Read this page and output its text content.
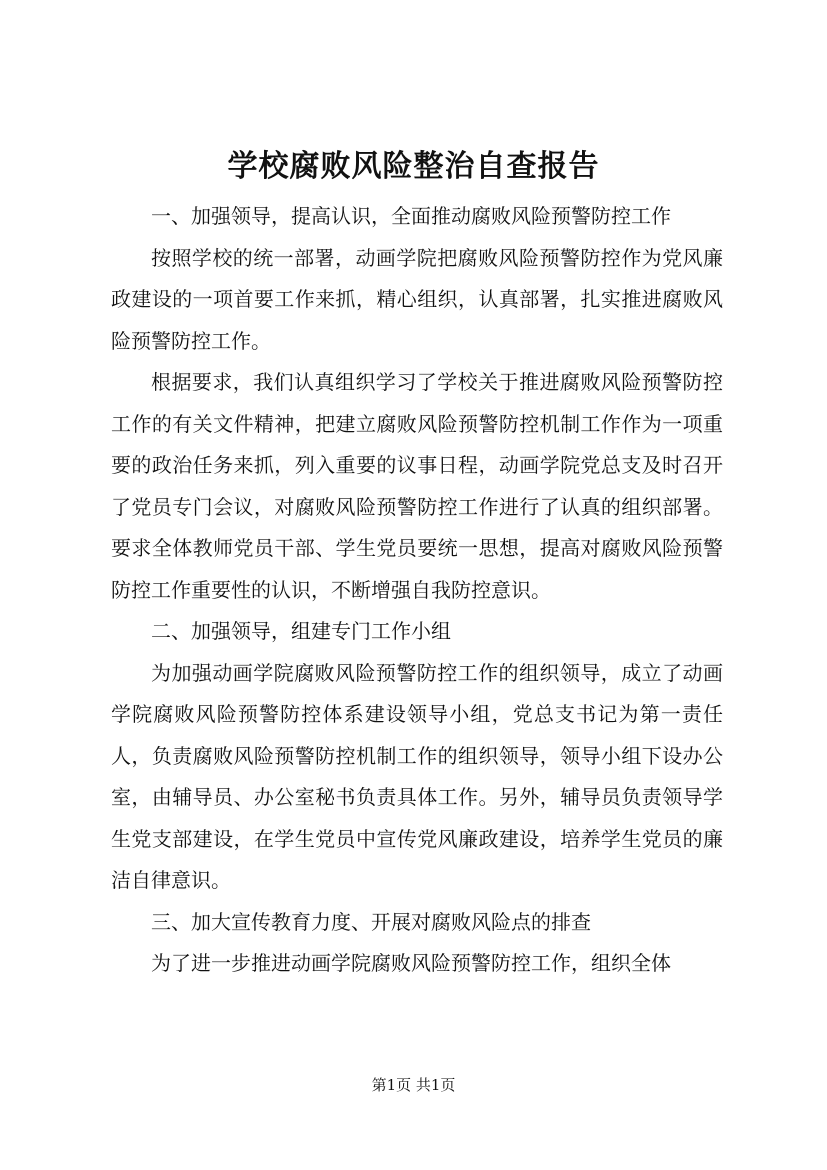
学校腐败风险整治自查报告

一、加强领导，提高认识，全面推动腐败风险预警防控工作

按照学校的统一部署，动画学院把腐败风险预警防控作为党风廉政建设的一项首要工作来抓，精心组织，认真部署，扎实推进腐败风险预警防控工作。

根据要求，我们认真组织学习了学校关于推进腐败风险预警防控工作的有关文件精神，把建立腐败风险预警防控机制工作作为一项重要的政治任务来抓，列入重要的议事日程，动画学院党总支及时召开了党员专门会议，对腐败风险预警防控工作进行了认真的组织部署。要求全体教师党员干部、学生党员要统一思想，提高对腐败风险预警防控工作重要性的认识，不断增强自我防控意识。

二、加强领导，组建专门工作小组

为加强动画学院腐败风险预警防控工作的组织领导，成立了动画学院腐败风险预警防控体系建设领导小组，党总支书记为第一责任人，负责腐败风险预警防控机制工作的组织领导，领导小组下设办公室，由辅导员、办公室秘书负责具体工作。另外，辅导员负责领导学生党支部建设，在学生党员中宣传党风廉政建设，培养学生党员的廉洁自律意识。

三、加大宣传教育力度、开展对腐败风险点的排查

为了进一步推进动画学院腐败风险预警防控工作，组织全体

第1页 共1页
